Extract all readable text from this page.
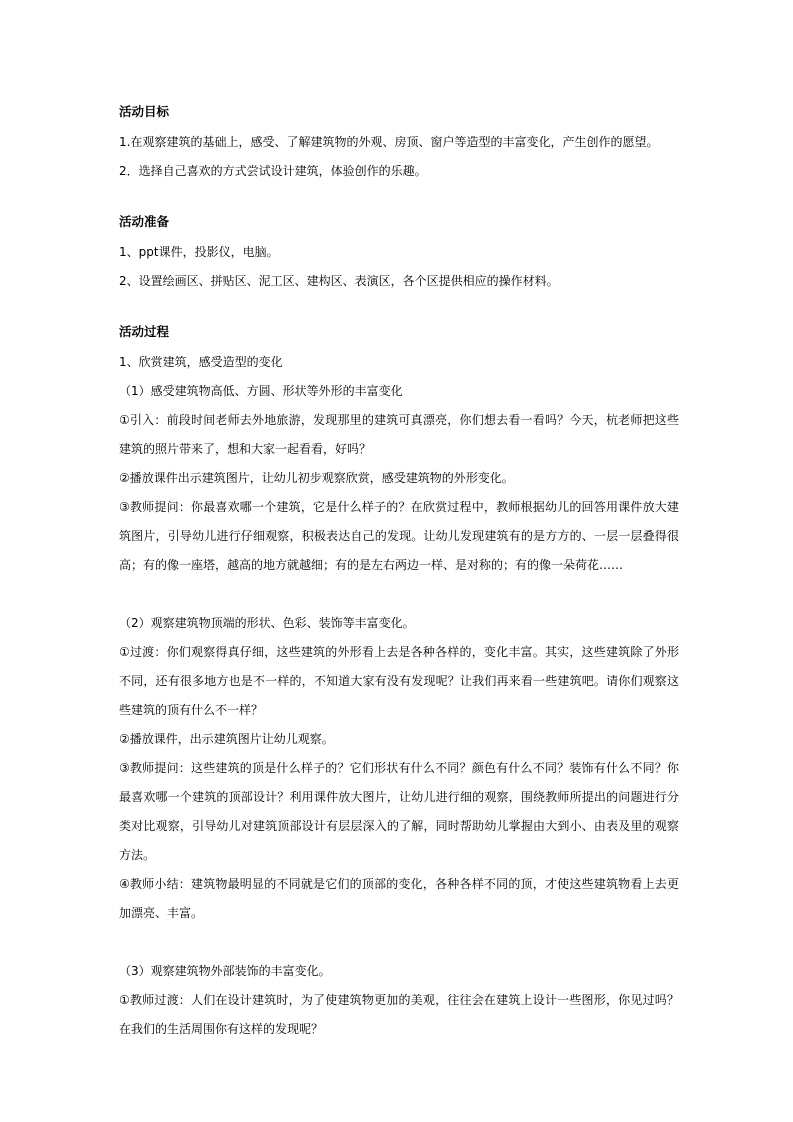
活动目标

1.在观察建筑的基础上，感受、了解建筑物的外观、房顶、窗户等造型的丰富变化，产生创作的愿望。

2．选择自己喜欢的方式尝试设计建筑，体验创作的乐趣。

活动准备

1、ppt课件，投影仪，电脑。

2、设置绘画区、拼贴区、泥工区、建构区、表演区，各个区提供相应的操作材料。

活动过程

1、欣赏建筑，感受造型的变化

（1）感受建筑物高低、方圆、形状等外形的丰富变化

①引入：前段时间老师去外地旅游，发现那里的建筑可真漂亮，你们想去看一看吗？今天，杭老师把这些建筑的照片带来了，想和大家一起看看，好吗？

②播放课件出示建筑图片，让幼儿初步观察欣赏，感受建筑物的外形变化。

③教师提问：你最喜欢哪一个建筑，它是什么样子的？在欣赏过程中，教师根据幼儿的回答用课件放大建筑图片，引导幼儿进行仔细观察，积极表达自己的发现。让幼儿发现建筑有的是方方的、一层一层叠得很高；有的像一座塔，越高的地方就越细；有的是左右两边一样、是对称的；有的像一朵荷花……

（2）观察建筑物顶端的形状、色彩、装饰等丰富变化。

①过渡：你们观察得真仔细，这些建筑的外形看上去是各种各样的，变化丰富。其实，这些建筑除了外形不同，还有很多地方也是不一样的，不知道大家有没有发现呢？让我们再来看一些建筑吧。请你们观察这些建筑的顶有什么不一样？

②播放课件，出示建筑图片让幼儿观察。

③教师提问：这些建筑的顶是什么样子的？它们形状有什么不同？颜色有什么不同？装饰有什么不同？你最喜欢哪一个建筑的顶部设计？利用课件放大图片，让幼儿进行细的观察，围绕教师所提出的问题进行分类对比观察，引导幼儿对建筑顶部设计有层层深入的了解，同时帮助幼儿掌握由大到小、由表及里的观察方法。

④教师小结：建筑物最明显的不同就是它们的顶部的变化，各种各样不同的顶，才使这些建筑物看上去更加漂亮、丰富。

（3）观察建筑物外部装饰的丰富变化。

①教师过渡：人们在设计建筑时，为了使建筑物更加的美观，往往会在建筑上设计一些图形，你见过吗？在我们的生活周围你有这样的发现呢？
